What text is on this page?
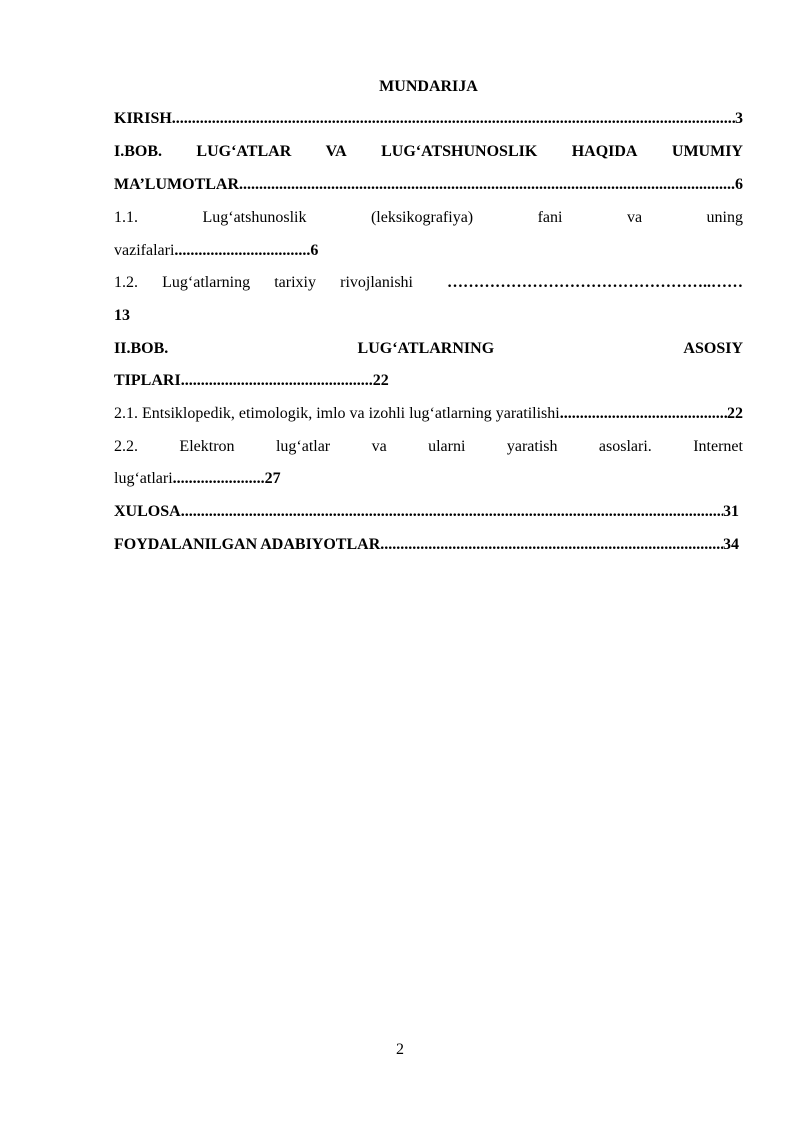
MUNDARIJA
KIRISH .....	3
I.BOB. LUG‘ATLAR VA LUG‘ATSHUNOSLIK HAQIDA UMUMIY
MA’LUMOTLAR .....	6
1.1.	Lug‘atshunoslik	(leksikografiya)	fani	va	uning
vazifalari..................................6
1.2. Lug‘atlarning tarixiy rivojlanishi …………………………………………..……
13
II.BOB.	LUG‘ATLARNING	ASOSIY
TIPLARI................................................22
2.1. Entsiklopedik, etimologik, imlo va izohli lug‘atlarning yaratilishi .....	22
2.2.	Elektron	lug‘atlar	va	ularni	yaratish	asoslari.	Internet
lug‘atlari.......................27
XULOSA .....	31
FOYDALANILGAN ADABIYOTLAR .....	34
2
